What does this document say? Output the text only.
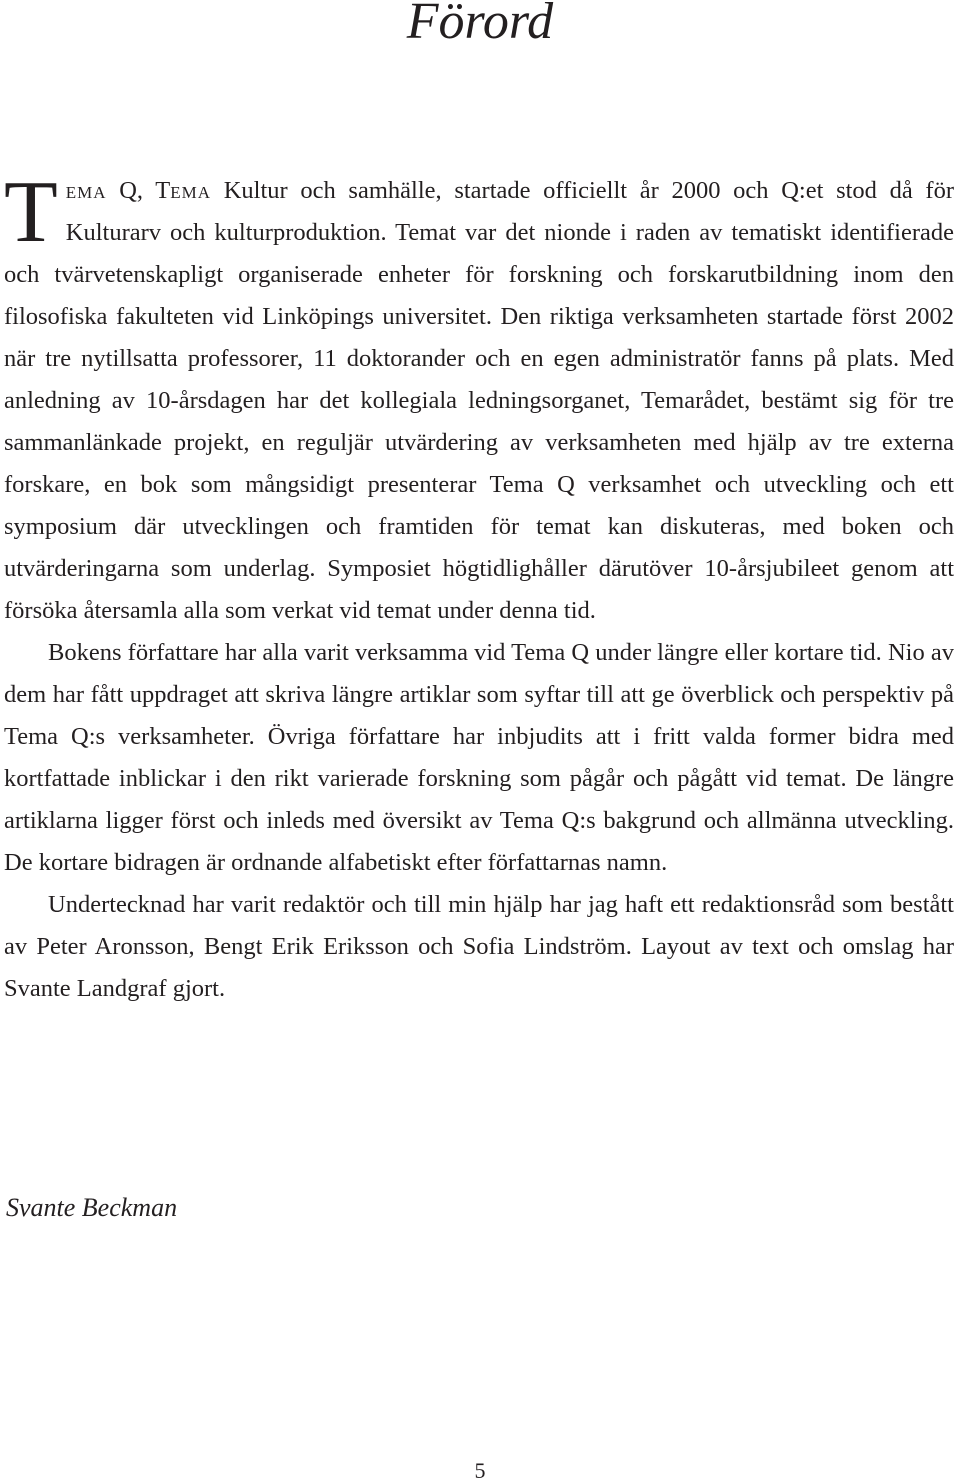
Förord

Tema Q, Tema Kultur och samhälle, startade officiellt år 2000 och Q:et stod då för Kulturarv och kulturproduktion. Temat var det nionde i raden av tematiskt identifierade och tvärvetenskapligt organiserade enheter för forskning och forskarutbildning inom den filosofiska fakulteten vid Linköpings universitet. Den riktiga verksamheten startade först 2002 när tre nytillsatta professorer, 11 doktorander och en egen administratör fanns på plats. Med anledning av 10-årsdagen har det kollegiala ledningsorganet, Temarådet, bestämt sig för tre sammanlänkade projekt, en reguljär utvärdering av verksamheten med hjälp av tre externa forskare, en bok som mångsidigt presenterar Tema Q verksamhet och utveckling och ett symposium där utvecklingen och framtiden för temat kan diskuteras, med boken och utvärderingarna som underlag. Symposiet högtidlighåller därutöver 10-årsjubileet genom att försöka återsamla alla som verkat vid temat under denna tid.

Bokens författare har alla varit verksamma vid Tema Q under längre eller kortare tid. Nio av dem har fått uppdraget att skriva längre artiklar som syftar till att ge överblick och perspektiv på Tema Q:s verksamheter. Övriga författare har inbjudits att i fritt valda former bidra med kortfattade inblickar i den rikt varierade forskning som pågår och pågått vid temat. De längre artiklarna ligger först och inleds med översikt av Tema Q:s bakgrund och allmänna utveckling. De kortare bidragen är ordnande alfabetiskt efter författarnas namn.

Undertecknad har varit redaktör och till min hjälp har jag haft ett redaktionsråd som bestått av Peter Aronsson, Bengt Erik Eriksson och Sofia Lindström. Layout av text och omslag har Svante Landgraf gjort.

Svante Beckman

5
